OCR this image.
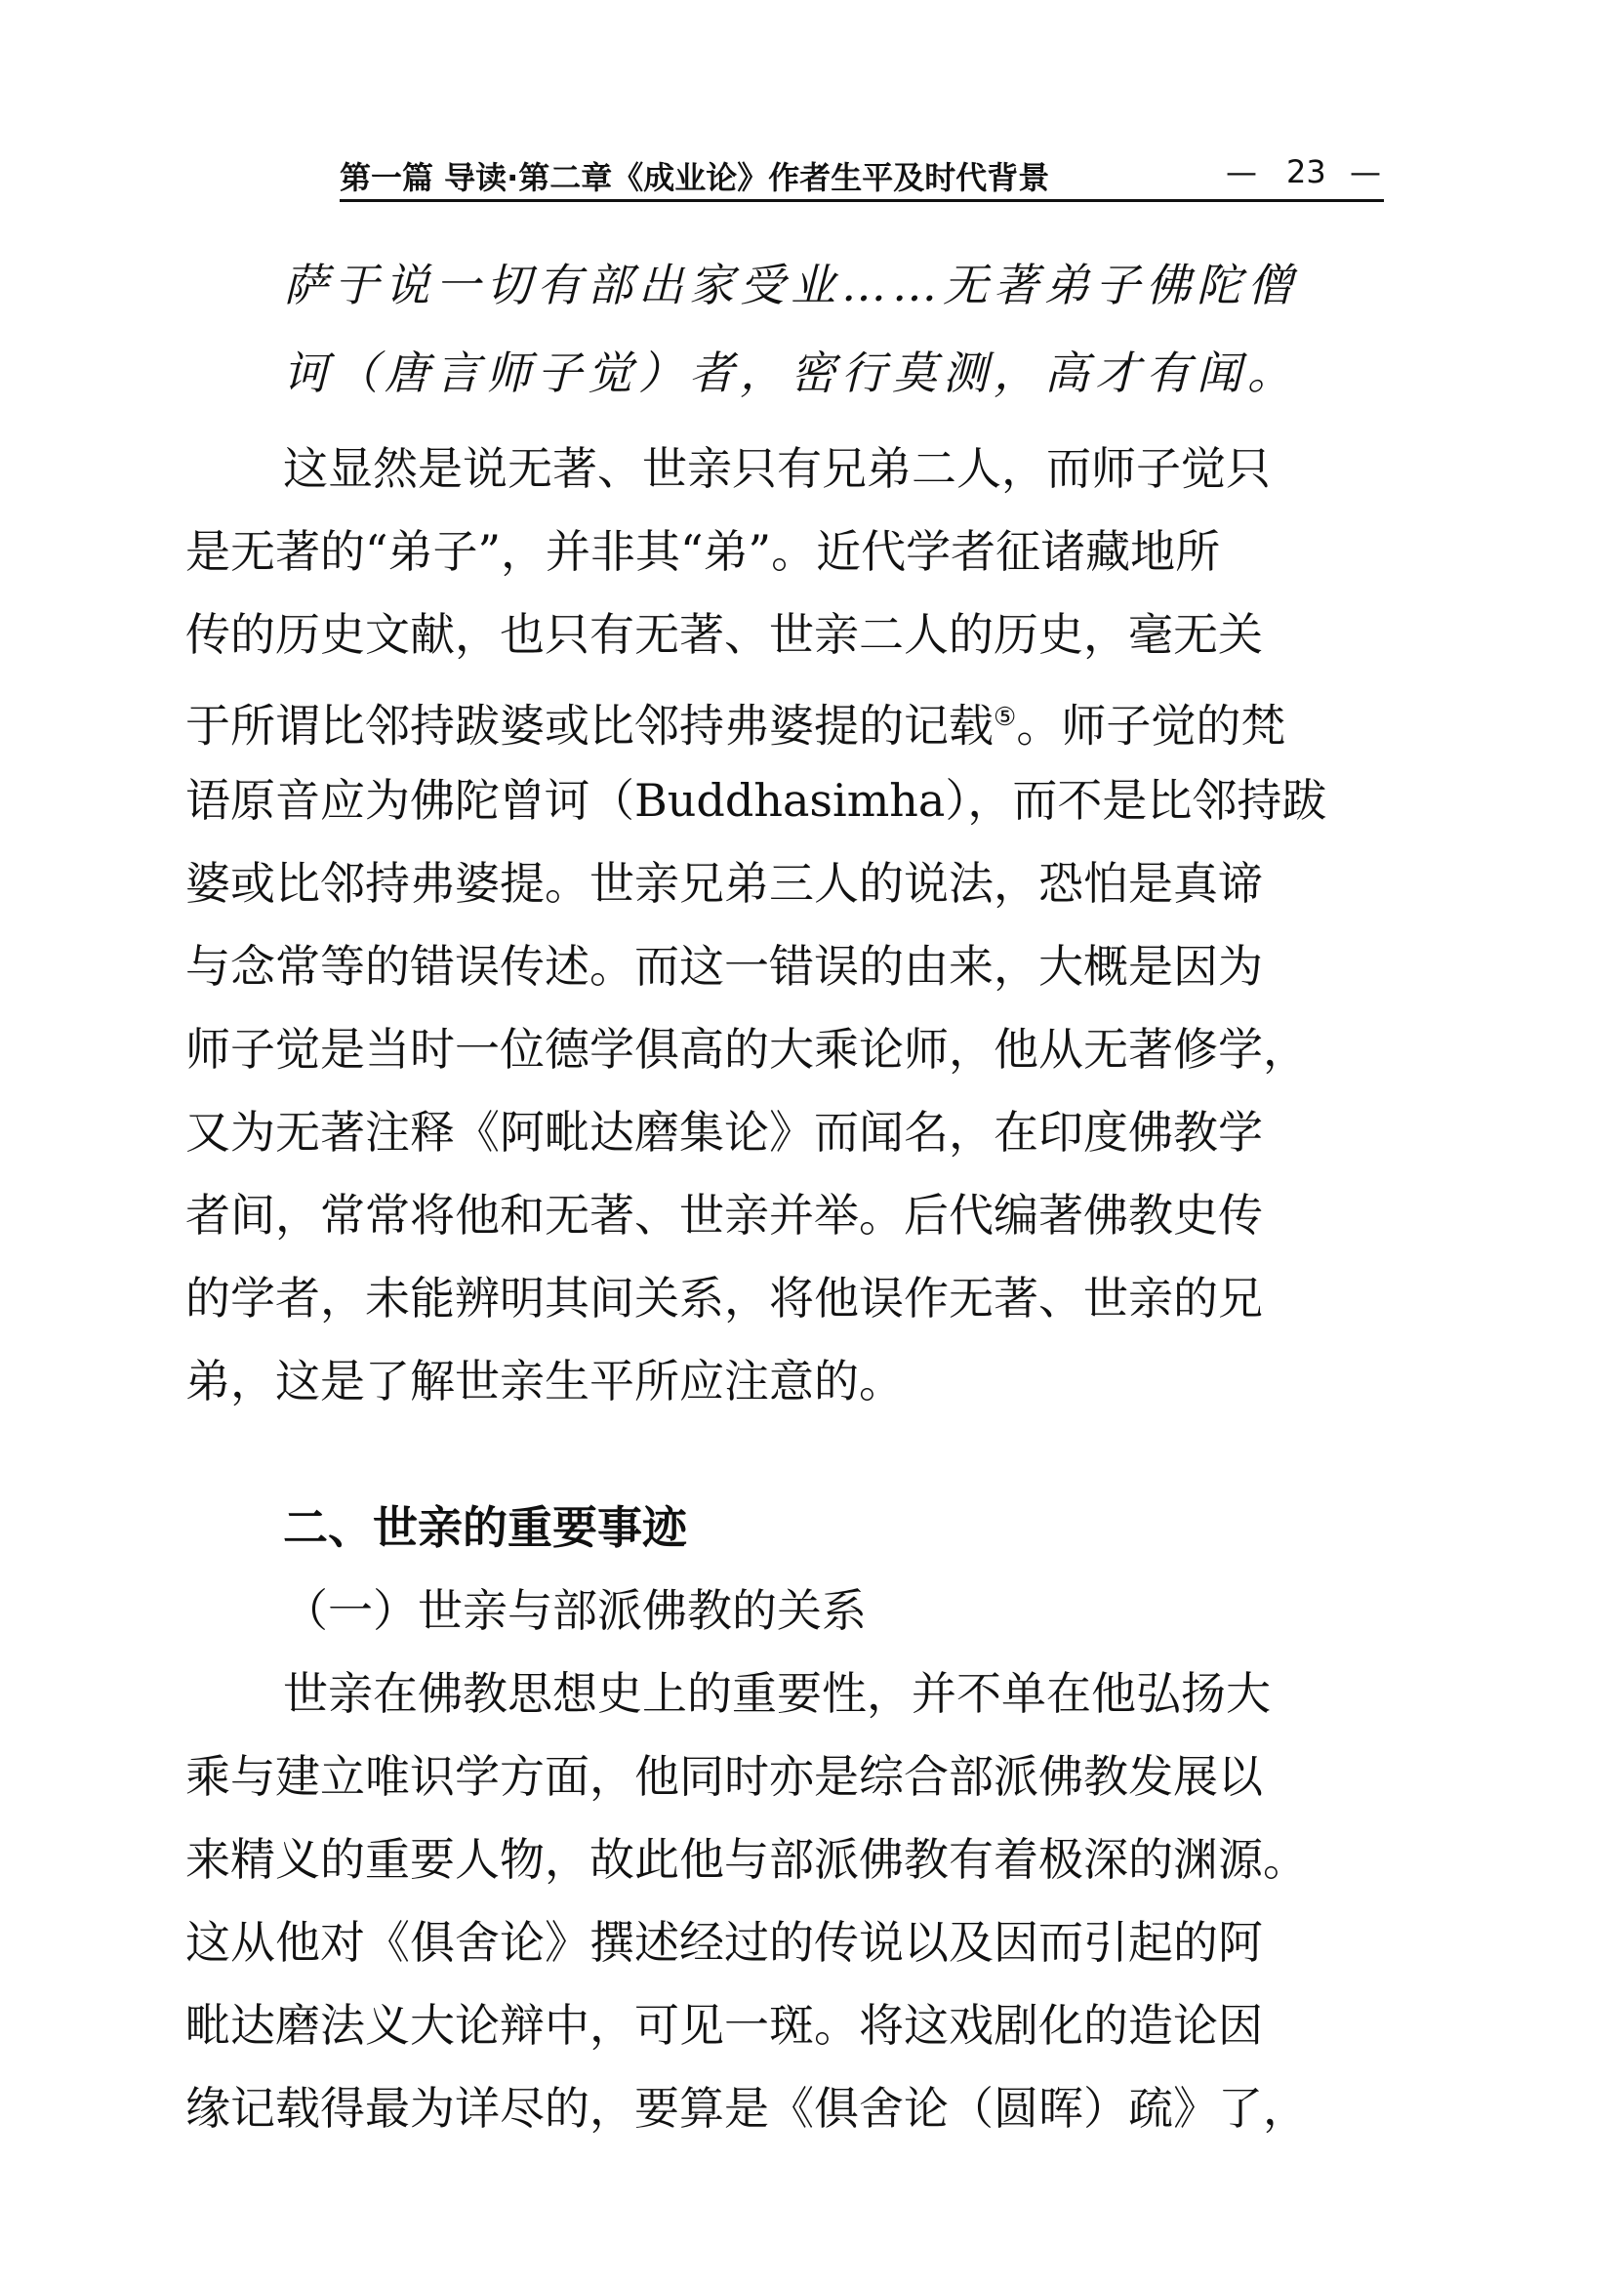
第一篇 导读·第二章《成业论》作者生平及时代背景	— 23 —
萨于说一切有部出家受业……无著弟子佛陀僧
诃（唐言师子觉）者，密行莫测，高才有闻。
这显然是说无著、世亲只有兄弟二人，而师子觉只
是无著的“弟子”，并非其“弟”。近代学者征诸藏地所
传的历史文献，也只有无著、世亲二人的历史，毫无关
于所谓比邻持跋婆或比邻持弗婆提的记载⑤。师子觉的梵
语原音应为佛陀曾诃（Buddhasimha），而不是比邻持跋
婆或比邻持弗婆提。世亲兄弟三人的说法，恐怕是真谛
与念常等的错误传述。而这一错误的由来，大概是因为
师子觉是当时一位德学俱高的大乘论师，他从无著修学，
又为无著注释《阿毗达磨集论》而闻名，在印度佛教学
者间，常常将他和无著、世亲并举。后代编著佛教史传
的学者，未能辨明其间关系，将他误作无著、世亲的兄
弟，这是了解世亲生平所应注意的。
二、世亲的重要事迹
（一）世亲与部派佛教的关系
世亲在佛教思想史上的重要性，并不单在他弘扬大
乘与建立唯识学方面，他同时亦是综合部派佛教发展以
来精义的重要人物，故此他与部派佛教有着极深的渊源。
这从他对《俱舍论》撰述经过的传说以及因而引起的阿
毗达磨法义大论辩中，可见一斑。将这戏剧化的造论因
缘记载得最为详尽的，要算是《俱舍论（圆晖）疏》了，
